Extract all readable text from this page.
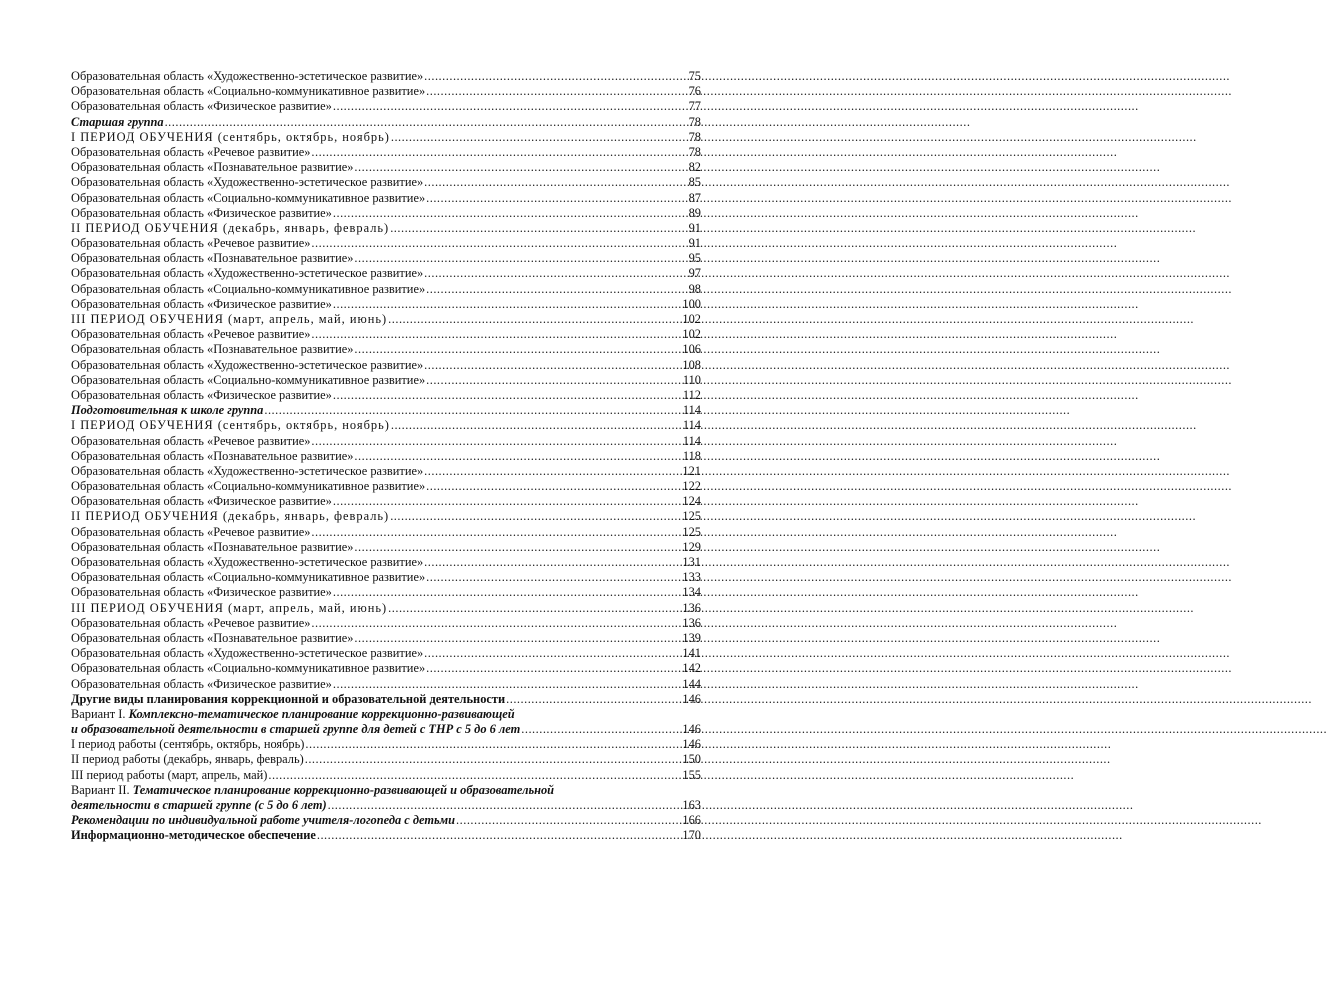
Образовательная область «Художественно-эстетическое развитие» .....	75
Образовательная область «Социально-коммуникативное развитие» .....	76
Образовательная область «Физическое развитие» .....	77
Старшая группа .....	78
I ПЕРИОД ОБУЧЕНИЯ (сентябрь, октябрь, ноябрь) .....	78
Образовательная область «Речевое развитие» .....	78
Образовательная область «Познавательное развитие» .....	82
Образовательная область «Художественно-эстетическое развитие» .....	85
Образовательная область «Социально-коммуникативное развитие» .....	87
Образовательная область «Физическое развитие» .....	89
II ПЕРИОД ОБУЧЕНИЯ (декабрь, январь, февраль) .....	91
Образовательная область «Речевое развитие» .....	91
Образовательная область «Познавательное развитие» .....	95
Образовательная область «Художественно-эстетическое развитие» .....	97
Образовательная область «Социально-коммуникативное развитие» .....	98
Образовательная область «Физическое развитие» .....	100
III ПЕРИОД ОБУЧЕНИЯ (март, апрель, май, июнь) .....	102
Образовательная область «Речевое развитие» .....	102
Образовательная область «Познавательное развитие» .....	106
Образовательная область «Художественно-эстетическое развитие» .....	108
Образовательная область «Социально-коммуникативное развитие» .....	110
Образовательная область «Физическое развитие» .....	112
Подготовительная к школе группа .....	114
I ПЕРИОД ОБУЧЕНИЯ (сентябрь, октябрь, ноябрь) .....	114
Образовательная область «Речевое развитие» .....	114
Образовательная область «Познавательное развитие» .....	118
Образовательная область «Художественно-эстетическое развитие» .....	121
Образовательная область «Социально-коммуникативное развитие» .....	122
Образовательная область «Физическое развитие» .....	124
II ПЕРИОД ОБУЧЕНИЯ (декабрь, январь, февраль) .....	125
Образовательная область «Речевое развитие» .....	125
Образовательная область «Познавательное развитие» .....	129
Образовательная область «Художественно-эстетическое развитие» .....	131
Образовательная область «Социально-коммуникативное развитие» .....	133
Образовательная область «Физическое развитие» .....	134
III ПЕРИОД ОБУЧЕНИЯ (март, апрель, май, июнь) .....	136
Образовательная область «Речевое развитие» .....	136
Образовательная область «Познавательное развитие» .....	139
Образовательная область «Художественно-эстетическое развитие» .....	141
Образовательная область «Социально-коммуникативное развитие» .....	142
Образовательная область «Физическое развитие» .....	144
Другие виды планирования коррекционной и образовательной деятельности .....	146
Вариант I. Комплексно-тематическое планирование коррекционно-развивающей
и образовательной деятельности в старшей группе для детей с ТНР с 5 до 6 лет .....	146
I период работы (сентябрь, октябрь, ноябрь) .....	146
II период работы (декабрь, январь, февраль) .....	150
III период работы (март, апрель, май) .....	155
Вариант II. Тематическое планирование коррекционно-развивающей и образовательной
деятельности в старшей группе (с 5 до 6 лет) .....	163
Рекомендации по индивидуальной работе учителя-логопеда с детьми .....	166
Информационно-методическое обеспечение .....	170
